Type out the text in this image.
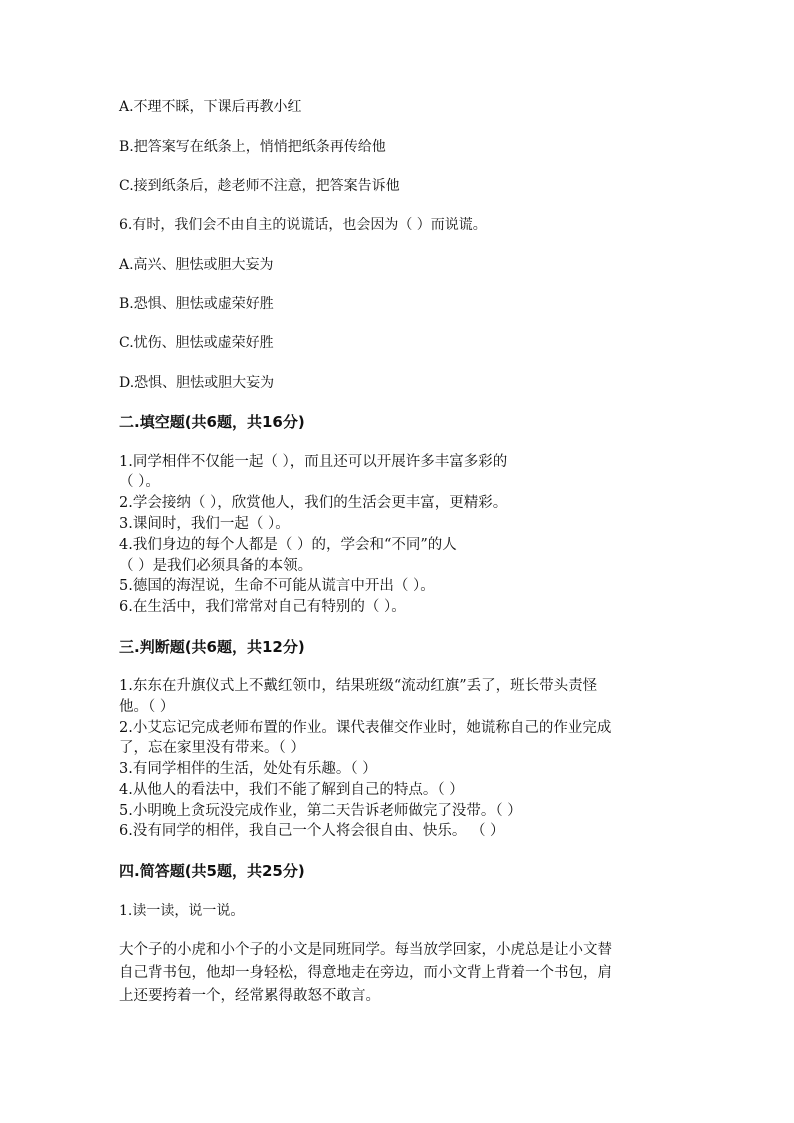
A.不理不睬，下课后再教小红
B.把答案写在纸条上，悄悄把纸条再传给他
C.接到纸条后，趁老师不注意，把答案告诉他
6.有时，我们会不由自主的说谎话，也会因为（ ）而说谎。
A.高兴、胆怯或胆大妄为
B.恐惧、胆怯或虚荣好胜
C.忧伤、胆怯或虚荣好胜
D.恐惧、胆怯或胆大妄为
二.填空题(共6题，共16分)
1.同学相伴不仅能一起（ ），而且还可以开展许多丰富多彩的
（ ）。
2.学会接纳（ ），欣赏他人，我们的生活会更丰富，更精彩。
3.课间时，我们一起（ ）。
4.我们身边的每个人都是（ ）的，学会和“不同”的人
（ ）是我们必须具备的本领。
5.德国的海涅说，生命不可能从谎言中开出（ ）。
6.在生活中，我们常常对自己有特别的（ ）。
三.判断题(共6题，共12分)
1.东东在升旗仪式上不戴红领巾，结果班级“流动红旗”丢了，班长带头责怪
他。（ ）
2.小艾忘记完成老师布置的作业。课代表催交作业时，她谎称自己的作业完成
了，忘在家里没有带来。（ ）
3.有同学相伴的生活，处处有乐趣。（ ）
4.从他人的看法中，我们不能了解到自己的特点。（ ）
5.小明晚上贪玩没完成作业，第二天告诉老师做完了没带。（ ）
6.没有同学的相伴，我自己一个人将会很自由、快乐。 （ ）
四.简答题(共5题，共25分)
1.读一读，说一说。
大个子的小虎和小个子的小文是同班同学。每当放学回家，小虎总是让小文替
自己背书包，他却一身轻松，得意地走在旁边，而小文背上背着一个书包，肩
上还要挎着一个，经常累得敢怒不敢言。
